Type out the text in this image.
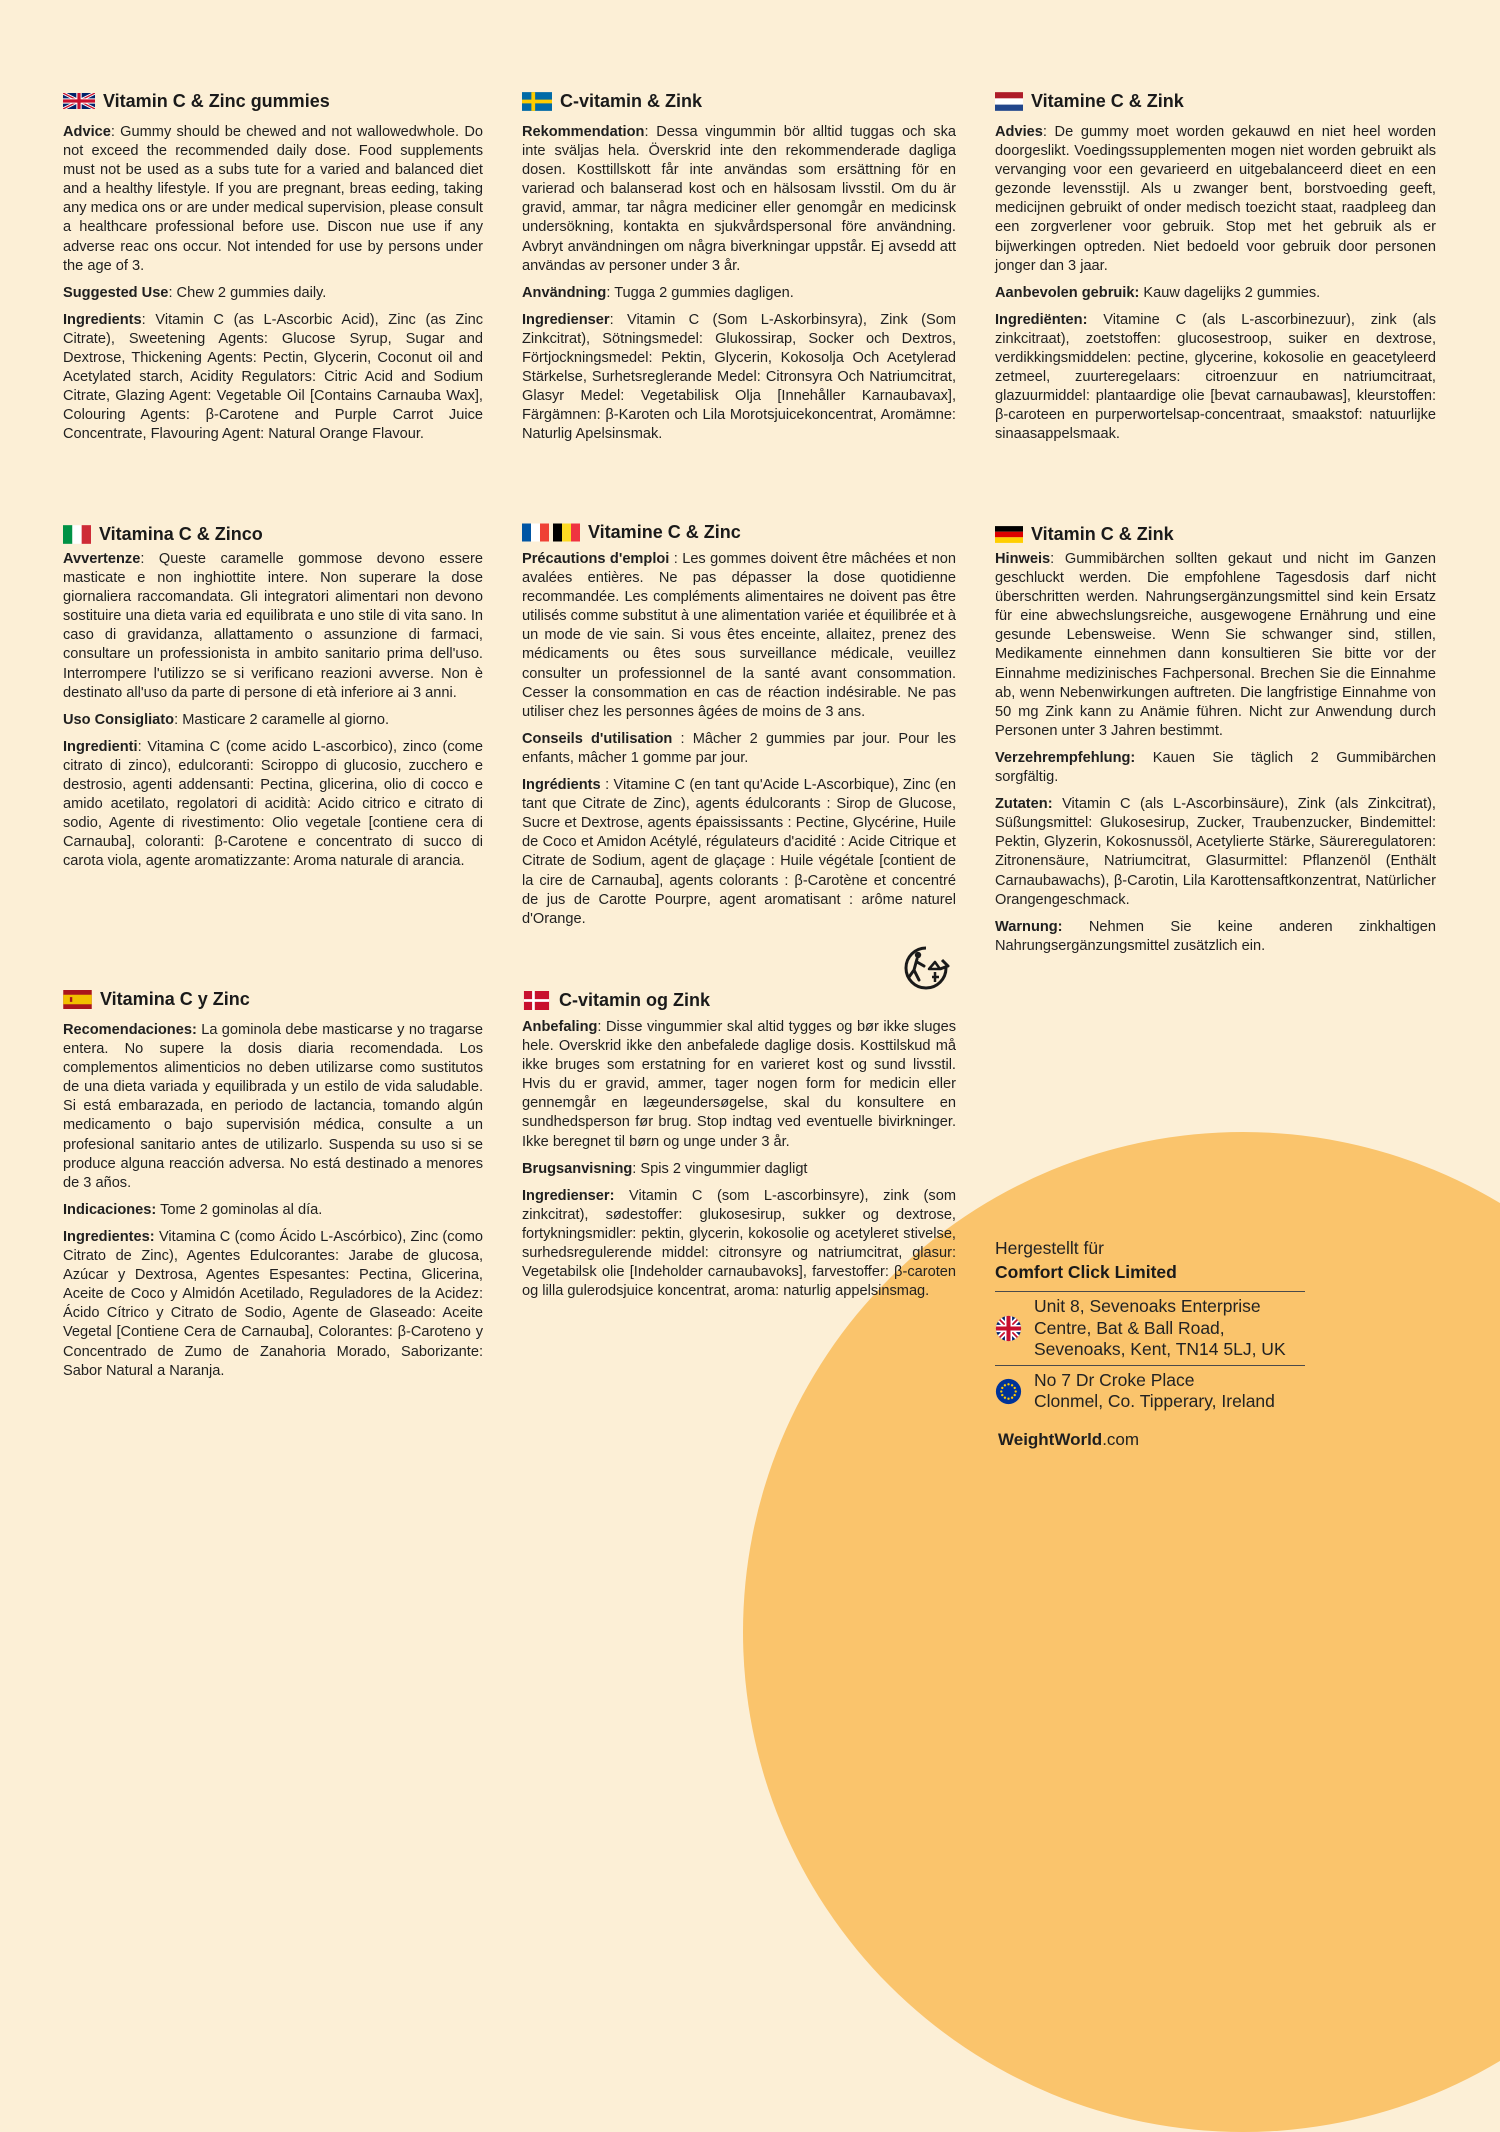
Vitamin C & Zinc gummies

Advice: Gummy should be chewed and not wallowedwhole. Do not exceed the recommended daily dose. Food supplements must not be used as a subs tute for a varied and balanced diet and a healthy lifestyle. If you are pregnant, breas eeding, taking any medica ons or are under medical supervision, please consult a healthcare professional before use. Discon nue use if any adverse reac ons occur. Not intended for use by persons under the age of 3.

Suggested Use: Chew 2 gummies daily.

Ingredients: Vitamin C (as L-Ascorbic Acid), Zinc (as Zinc Citrate), Sweetening Agents: Glucose Syrup, Sugar and Dextrose, Thickening Agents: Pectin, Glycerin, Coconut oil and Acetylated starch, Acidity Regulators: Citric Acid and Sodium Citrate, Glazing Agent: Vegetable Oil [Contains Carnauba Wax], Colouring Agents: β-Carotene and Purple Carrot Juice Concentrate, Flavouring Agent: Natural Orange Flavour.

C-vitamin & Zink

Rekommendation: Dessa vingummin bör alltid tuggas och ska inte sväljas hela. Överskrid inte den rekommenderade dagliga dosen. Kosttillskott får inte användas som ersättning för en varierad och balanserad kost och en hälsosam livsstil. Om du är gravid, ammar, tar några mediciner eller genomgår en medicinsk undersökning, kontakta en sjukvårdspersonal före användning. Avbryt användningen om några biverkningar uppstår. Ej avsedd att användas av personer under 3 år.

Användning: Tugga 2 gummies dagligen.

Ingredienser: Vitamin C (Som L-Askorbinsyra), Zink (Som Zinkcitrat), Sötningsmedel: Glukossirap, Socker och Dextros, Förtjockningsmedel: Pektin, Glycerin, Kokosolja Och Acetylerad Stärkelse, Surhetsreglerande Medel: Citronsyra Och Natriumcitrat, Glasyr Medel: Vegetabilisk Olja [Innehåller Karnaubavax], Färgämnen: β-Karoten och Lila Morotsjuicekoncentrat, Aromämne: Naturlig Apelsinsmak.

Vitamine C & Zink

Advies: De gummy moet worden gekauwd en niet heel worden doorgeslikt. Voedingssupplementen mogen niet worden gebruikt als vervanging voor een gevarieerd en uitgebalanceerd dieet en een gezonde levensstijl. Als u zwanger bent, borstvoeding geeft, medicijnen gebruikt of onder medisch toezicht staat, raadpleeg dan een zorgverlener voor gebruik. Stop met het gebruik als er bijwerkingen optreden. Niet bedoeld voor gebruik door personen jonger dan 3 jaar.

Aanbevolen gebruik: Kauw dagelijks 2 gummies.

Ingrediënten: Vitamine C (als L-ascorbinezuur), zink (als zinkcitraat), zoetstoffen: glucosestroop, suiker en dextrose, verdikkingsmiddelen: pectine, glycerine, kokosolie en geacetyleerd zetmeel, zuurteregelaars: citroenzuur en natriumcitraat, glazuurmiddel: plantaardige olie [bevat carnaubawas], kleurstoffen: β-caroteen en purperwortelsap-concentraat, smaakstof: natuurlijke sinaasappelsmaak.

Vitamina C & Zinco

Avvertenze: Queste caramelle gommose devono essere masticate e non inghiottite intere. Non superare la dose giornaliera raccomandata. Gli integratori alimentari non devono sostituire una dieta varia ed equilibrata e uno stile di vita sano. In caso di gravidanza, allattamento o assunzione di farmaci, consultare un professionista in ambito sanitario prima dell'uso. Interrompere l'utilizzo se si verificano reazioni avverse. Non è destinato all'uso da parte di persone di età inferiore ai 3 anni.

Uso Consigliato: Masticare 2 caramelle al giorno.

Ingredienti: Vitamina C (come acido L-ascorbico), zinco (come citrato di zinco), edulcoranti: Sciroppo di glucosio, zucchero e destrosio, agenti addensanti: Pectina, glicerina, olio di cocco e amido acetilato, regolatori di acidità: Acido citrico e citrato di sodio, Agente di rivestimento: Olio vegetale [contiene cera di Carnauba], coloranti: β-Carotene e concentrato di succo di carota viola, agente aromatizzante: Aroma naturale di arancia.

Vitamine C & Zinc

Précautions d'emploi : Les gommes doivent être mâchées et non avalées entières. Ne pas dépasser la dose quotidienne recommandée. Les compléments alimentaires ne doivent pas être utilisés comme substitut à une alimentation variée et équilibrée et à un mode de vie sain. Si vous êtes enceinte, allaitez, prenez des médicaments ou êtes sous surveillance médicale, veuillez consulter un professionnel de la santé avant consommation. Cesser la consommation en cas de réaction indésirable. Ne pas utiliser chez les personnes âgées de moins de 3 ans.

Conseils d'utilisation : Mâcher 2 gummies par jour. Pour les enfants, mâcher 1 gomme par jour.

Ingrédients : Vitamine C (en tant qu'Acide L-Ascorbique), Zinc (en tant que Citrate de Zinc), agents édulcorants : Sirop de Glucose, Sucre et Dextrose, agents épaississants : Pectine, Glycérine, Huile de Coco et Amidon Acétylé, régulateurs d'acidité : Acide Citrique et Citrate de Sodium, agent de glaçage : Huile végétale [contient de la cire de Carnauba], agents colorants : β-Carotène et concentré de jus de Carotte Pourpre, agent aromatisant : arôme naturel d'Orange.

Vitamin C & Zink

Hinweis: Gummibärchen sollten gekaut und nicht im Ganzen geschluckt werden. Die empfohlene Tagesdosis darf nicht überschritten werden. Nahrungsergänzungsmittel sind kein Ersatz für eine abwechslungsreiche, ausgewogene Ernährung und eine gesunde Lebensweise. Wenn Sie schwanger sind, stillen, Medikamente einnehmen dann konsultieren Sie bitte vor der Einnahme medizinisches Fachpersonal. Brechen Sie die Einnahme ab, wenn Nebenwirkungen auftreten. Die langfristige Einnahme von 50 mg Zink kann zu Anämie führen. Nicht zur Anwendung durch Personen unter 3 Jahren bestimmt.

Verzehrempfehlung: Kauen Sie täglich 2 Gummibärchen sorgfältig.

Zutaten: Vitamin C (als L-Ascorbinsäure), Zink (als Zinkcitrat), Süßungsmittel: Glukosesirup, Zucker, Traubenzucker, Bindemittel: Pektin, Glyzerin, Kokosnussöl, Acetylierte Stärke, Säureregulatoren: Zitronensäure, Natriumcitrat, Glasurmittel: Pflanzenöl (Enthält Carnaubawachs), β-Carotin, Lila Karottensaftkonzentrat, Natürlicher Orangengeschmack.

Warnung: Nehmen Sie keine anderen zinkhaltigen Nahrungsergänzungsmittel zusätzlich ein.

Vitamina C y Zinc

Recomendaciones: La gominola debe masticarse y no tragarse entera. No supere la dosis diaria recomendada. Los complementos alimenticios no deben utilizarse como sustitutos de una dieta variada y equilibrada y un estilo de vida saludable. Si está embarazada, en periodo de lactancia, tomando algún medicamento o bajo supervisión médica, consulte a un profesional sanitario antes de utilizarlo. Suspenda su uso si se produce alguna reacción adversa. No está destinado a menores de 3 años.

Indicaciones: Tome 2 gominolas al día.

Ingredientes: Vitamina C (como Ácido L-Ascórbico), Zinc (como Citrato de Zinc), Agentes Edulcorantes: Jarabe de glucosa, Azúcar y Dextrosa, Agentes Espesantes: Pectina, Glicerina, Aceite de Coco y Almidón Acetilado, Reguladores de la Acidez: Ácido Cítrico y Citrato de Sodio, Agente de Glaseado: Aceite Vegetal [Contiene Cera de Carnauba], Colorantes: β-Caroteno y Concentrado de Zumo de Zanahoria Morado, Saborizante: Sabor Natural a Naranja.

C-vitamin og Zink

Anbefaling: Disse vingummier skal altid tygges og bør ikke sluges hele. Overskrid ikke den anbefalede daglige dosis. Kosttilskud må ikke bruges som erstatning for en varieret kost og sund livsstil. Hvis du er gravid, ammer, tager nogen form for medicin eller gennemgår en lægeundersøgelse, skal du konsultere en sundhedsperson før brug. Stop indtag ved eventuelle bivirkninger. Ikke beregnet til børn og unge under 3 år.

Brugsanvisning: Spis 2 vingummier dagligt

Ingredienser: Vitamin C (som L-ascorbinsyre), zink (som zinkcitrat), sødestoffer: glukosesirup, sukker og dextrose, fortykningsmidler: pektin, glycerin, kokosolie og acetyleret stivelse, surhedsregulerende middel: citronsyre og natriumcitrat, glasur: Vegetabilsk olie [Indeholder carnaubavoks], farvestoffer: β-caroten og lilla gulerodsjuice koncentrat, aroma: naturlig appelsinsmag.

Hergestellt für
Comfort Click Limited
Unit 8, Sevenoaks Enterprise
Centre, Bat & Ball Road,
Sevenoaks, Kent, TN14 5LJ, UK
No 7 Dr Croke Place
Clonmel, Co. Tipperary, Ireland
WeightWorld.com
